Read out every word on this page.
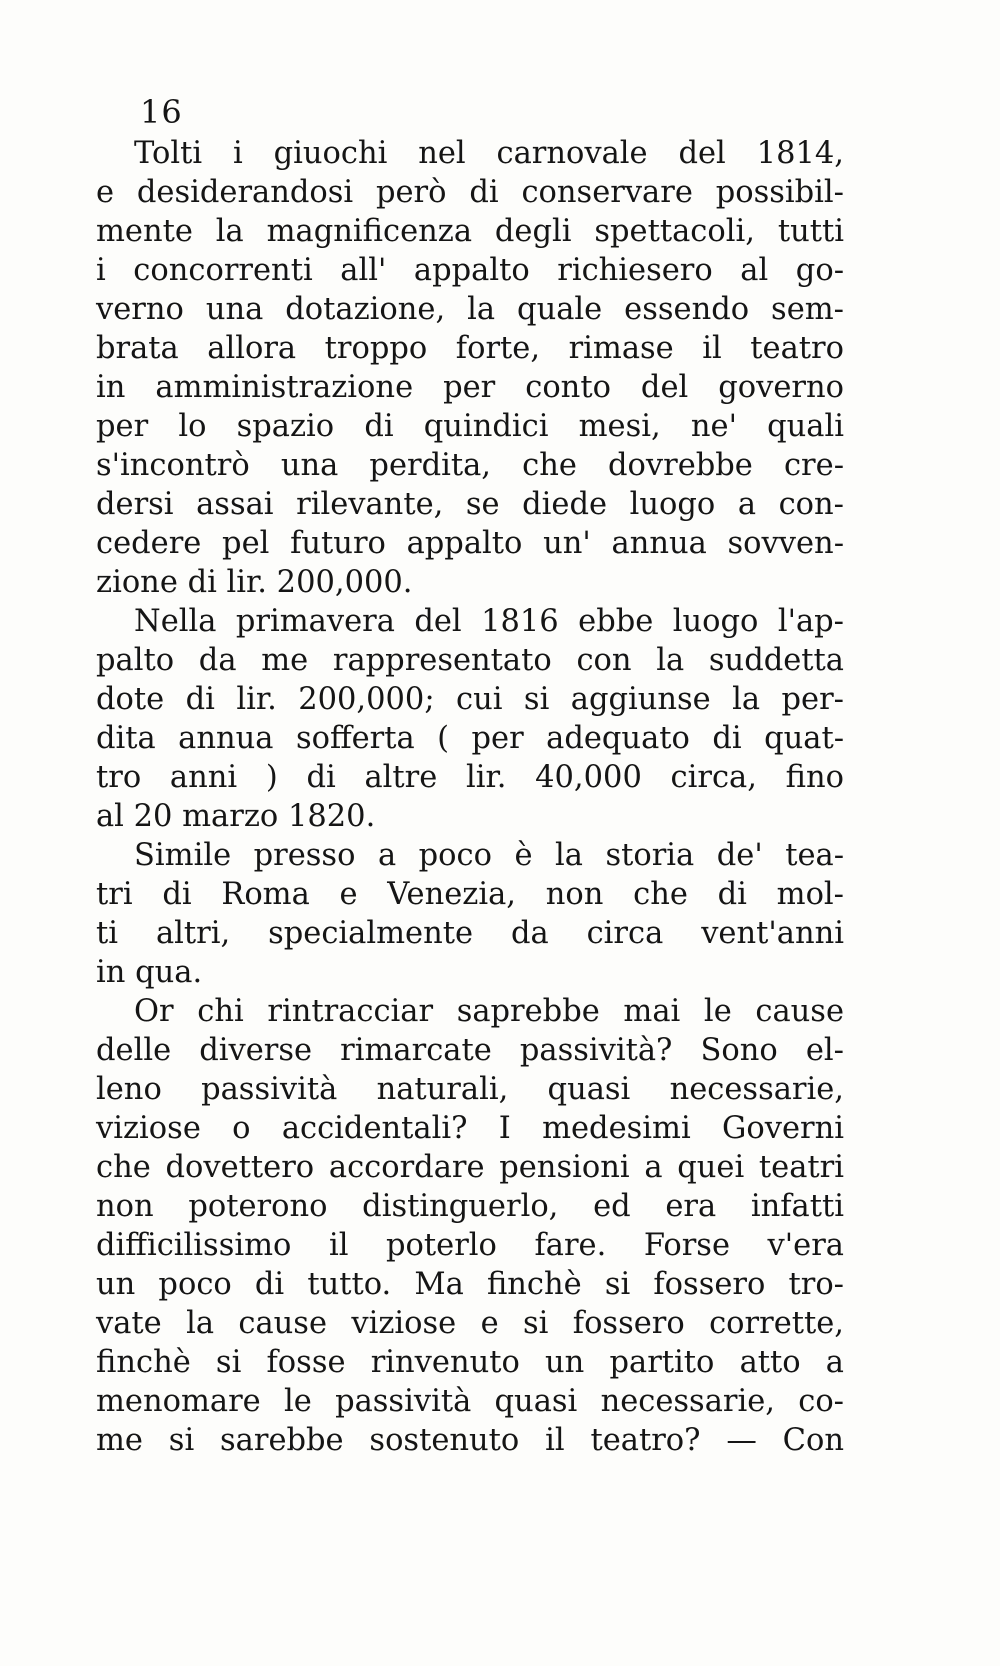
16
Tolti i giuochi nel carnovale del 1814,
e desiderandosi però di conservare possibil-
mente la magnificenza degli spettacoli, tutti
i concorrenti all' appalto richiesero al go-
verno una dotazione, la quale essendo sem-
brata allora troppo forte, rimase il teatro
in amministrazione per conto del governo
per lo spazio di quindici mesi, ne' quali
s'incontrò una perdita, che dovrebbe cre-
dersi assai rilevante, se diede luogo a con-
cedere pel futuro appalto un' annua sovven-
zione di lir. 200,000.
Nella primavera del 1816 ebbe luogo l'ap-
palto da me rappresentato con la suddetta
dote di lir. 200,000; cui si aggiunse la per-
dita annua sofferta ( per adequato di quat-
tro anni ) di altre lir. 40,000 circa, fino
al 20 marzo 1820.
Simile presso a poco è la storia de' tea-
tri di Roma e Venezia, non che di mol-
ti altri, specialmente da circa vent'anni
in qua.
Or chi rintracciar saprebbe mai le cause
delle diverse rimarcate passività? Sono el-
leno passività naturali, quasi necessarie,
viziose o accidentali? I medesimi Governi
che dovettero accordare pensioni a quei teatri
non poterono distinguerlo, ed era infatti
difficilissimo il poterlo fare. Forse v'era
un poco di tutto. Ma finchè si fossero tro-
vate la cause viziose e si fossero corrette,
finchè si fosse rinvenuto un partito atto a
menomare le passività quasi necessarie, co-
me si sarebbe sostenuto il teatro? — Con
